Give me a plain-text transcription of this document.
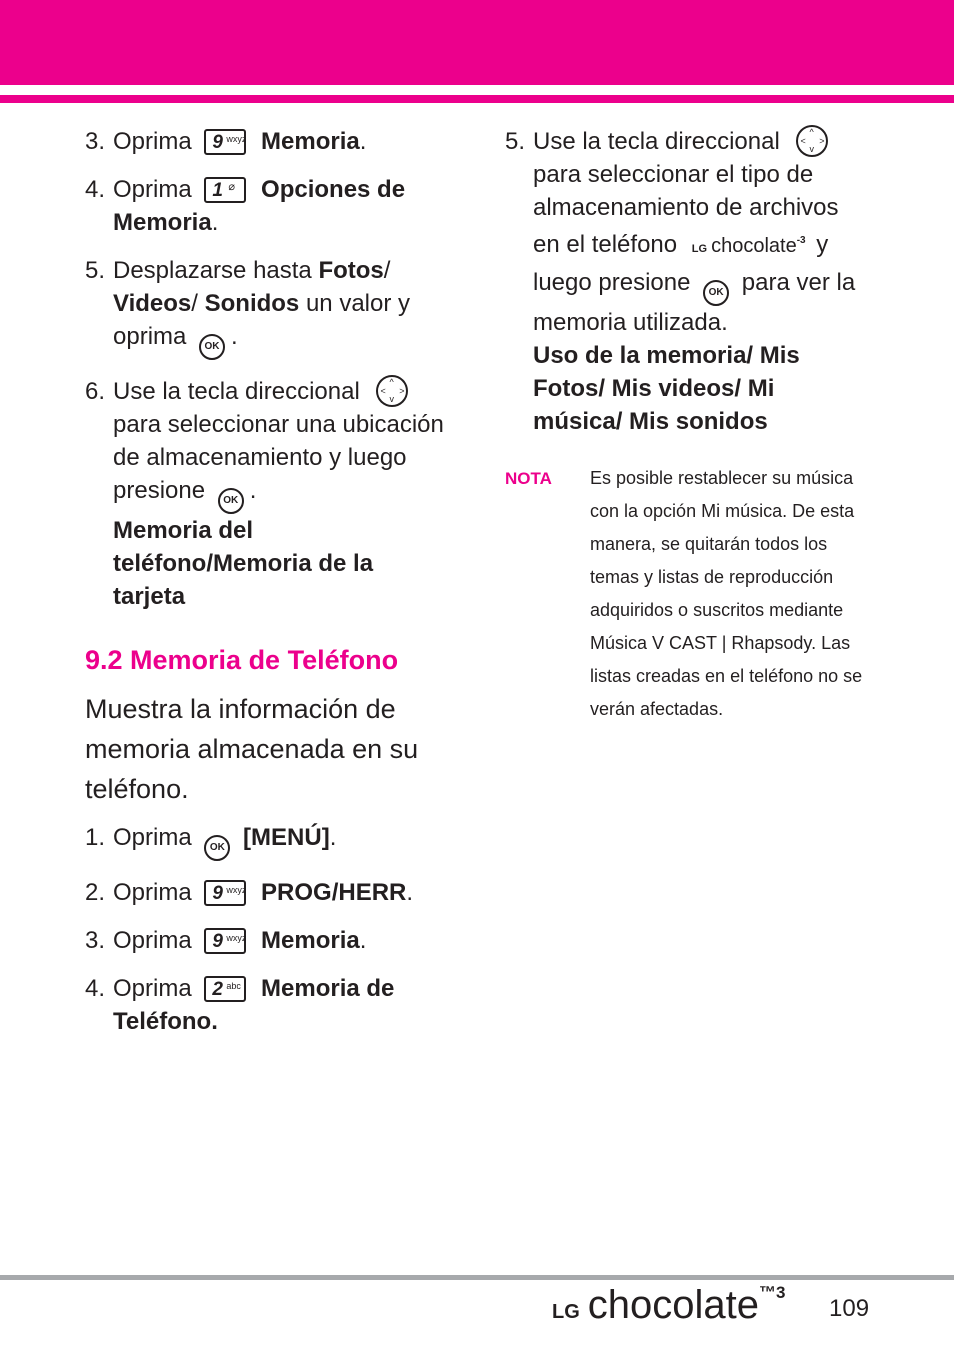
3. Oprima 9 wxyz Memoria.
4. Oprima 1 ⌀ Opciones de Memoria.
5. Desplazarse hasta Fotos/ Videos/ Sonidos un valor y oprima OK .
6. Use la tecla direccional	^
v
< >
para seleccionar una ubicación de almacenamiento y luego presione OK .
Memoria del teléfono/Memoria de la tarjeta
9.2 Memoria de Teléfono
Muestra la información de memoria almacenada en su teléfono.
1. Oprima OK [MENÚ].
2. Oprima 9 wxyz PROG/HERR.
3. Oprima 9 wxyz Memoria.
4. Oprima 2 abc Memoria de Teléfono.
5. Use la tecla direccional	^
v
< >
para seleccionar el tipo de almacenamiento de archivos en el teléfono LG chocolate$^{-3}$ y luego presione OK para ver la memoria utilizada.
Uso de la memoria/ Mis Fotos/ Mis videos/ Mi música/ Mis sonidos
NOTA Es posible restablecer su música con la opción Mi música. De esta manera, se quitarán todos los temas y listas de reproducción adquiridos o suscritos mediante Música V CAST | Rhapsody. Las listas creadas en el teléfono no se verán afectadas.
LG chocolate™3
109
